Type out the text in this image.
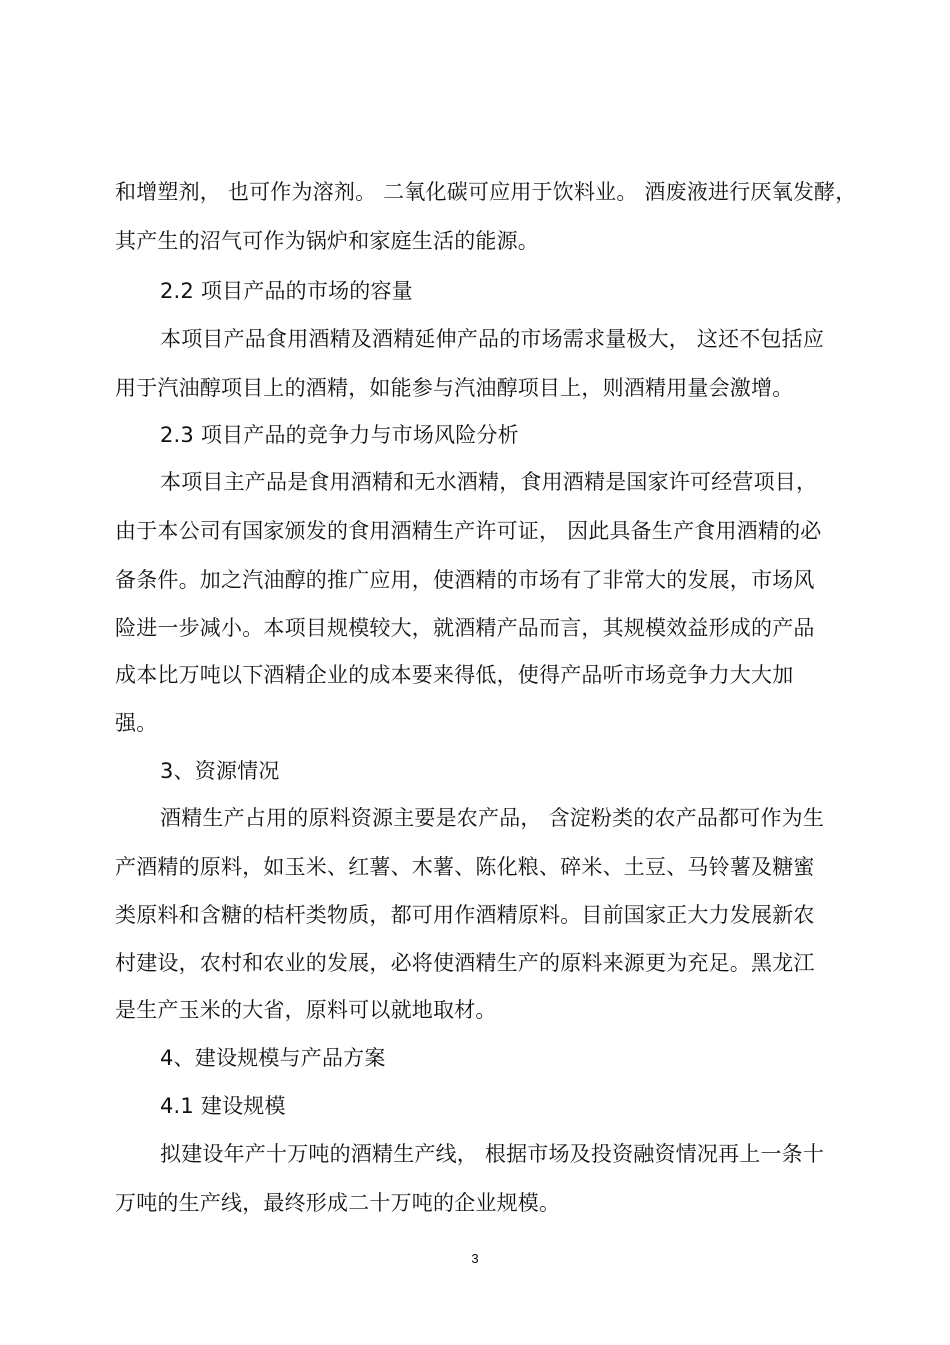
和增塑剂， 也可作为溶剂。 二氧化碳可应用于饮料业。 酒废液进行厌氧发酵，
其产生的沼气可作为锅炉和家庭生活的能源。
2.2 项目产品的市场的容量
本项目产品食用酒精及酒精延伸产品的市场需求量极大， 这还不包括应
用于汽油醇项目上的酒精，如能参与汽油醇项目上，则酒精用量会激增。
2.3 项目产品的竞争力与市场风险分析
本项目主产品是食用酒精和无水酒精，食用酒精是国家许可经营项目，
由于本公司有国家颁发的食用酒精生产许可证， 因此具备生产食用酒精的必
备条件。加之汽油醇的推广应用，使酒精的市场有了非常大的发展，市场风
险进一步减小。本项目规模较大，就酒精产品而言，其规模效益形成的产品
成本比万吨以下酒精企业的成本要来得低，使得产品听市场竞争力大大加
强。
3、资源情况
酒精生产占用的原料资源主要是农产品， 含淀粉类的农产品都可作为生
产酒精的原料，如玉米、红薯、木薯、陈化粮、碎米、土豆、马铃薯及糖蜜
类原料和含糖的桔杆类物质，都可用作酒精原料。目前国家正大力发展新农
村建设，农村和农业的发展，必将使酒精生产的原料来源更为充足。黑龙江
是生产玉米的大省，原料可以就地取材。
4、建设规模与产品方案
4.1 建设规模
拟建设年产十万吨的酒精生产线， 根据市场及投资融资情况再上一条十
万吨的生产线，最终形成二十万吨的企业规模。
3
